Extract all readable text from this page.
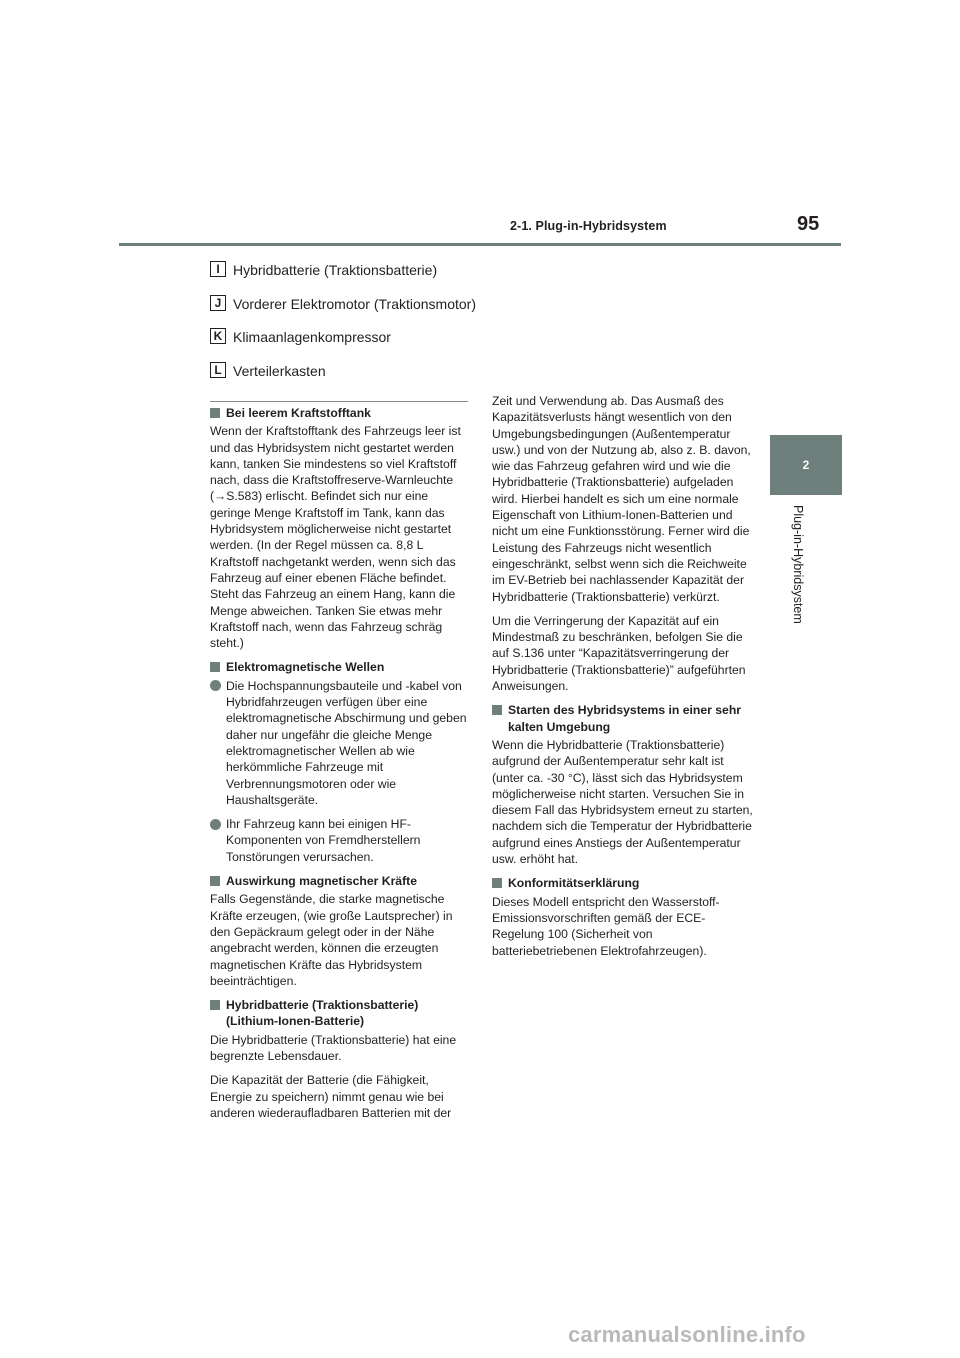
2-1. Plug-in-Hybridsystem	95
2
Plug-in-Hybridsystem
I Hybridbatterie (Traktionsbatterie)
J Vorderer Elektromotor (Traktionsmotor)
K Klimaanlagenkompressor
L Verteilerkasten
Bei leerem Kraftstofftank

Wenn der Kraftstofftank des Fahrzeugs leer ist und das Hybridsystem nicht gestartet werden kann, tanken Sie mindestens so viel Kraftstoff nach, dass die Kraftstoffreserve-Warnleuchte (→S.583) erlischt. Befindet sich nur eine geringe Menge Kraftstoff im Tank, kann das Hybridsystem möglicherweise nicht gestartet werden. (In der Regel müssen ca. 8,8 L Kraftstoff nachgetankt werden, wenn sich das Fahrzeug auf einer ebenen Fläche befindet. Steht das Fahrzeug an einem Hang, kann die Menge abweichen. Tanken Sie etwas mehr Kraftstoff nach, wenn das Fahrzeug schräg steht.)

Elektromagnetische Wellen
Die Hochspannungsbauteile und -kabel von Hybridfahrzeugen verfügen über eine elektromagnetische Abschirmung und geben daher nur ungefähr die gleiche Menge elektromagnetischer Wellen ab wie herkömmliche Fahrzeuge mit Verbrennungsmotoren oder wie Haushaltsgeräte.
Ihr Fahrzeug kann bei einigen HF-Komponenten von Fremdherstellern Tonstörungen verursachen.
Auswirkung magnetischer Kräfte

Falls Gegenstände, die starke magnetische Kräfte erzeugen, (wie große Lautsprecher) in den Gepäckraum gelegt oder in der Nähe angebracht werden, können die erzeugten magnetischen Kräfte das Hybridsystem beeinträchtigen.

Hybridbatterie (Traktionsbatterie) (Lithium-Ionen-Batterie)

Die Hybridbatterie (Traktionsbatterie) hat eine begrenzte Lebensdauer.

Die Kapazität der Batterie (die Fähigkeit, Energie zu speichern) nimmt genau wie bei anderen wiederaufladbaren Batterien mit der

Zeit und Verwendung ab. Das Ausmaß des Kapazitätsverlusts hängt wesentlich von den Umgebungsbedingungen (Außentemperatur usw.) und von der Nutzung ab, also z. B. davon, wie das Fahrzeug gefahren wird und wie die Hybridbatterie (Traktionsbatterie) aufgeladen wird. Hierbei handelt es sich um eine normale Eigenschaft von Lithium-Ionen-Batterien und nicht um eine Funktionsstörung. Ferner wird die Leistung des Fahrzeugs nicht wesentlich eingeschränkt, selbst wenn sich die Reichweite im EV-Betrieb bei nachlassender Kapazität der Hybridbatterie (Traktionsbatterie) verkürzt.

Um die Verringerung der Kapazität auf ein Mindestmaß zu beschränken, befolgen Sie die auf S.136 unter “Kapazitätsverringerung der Hybridbatterie (Traktionsbatterie)” aufgeführten Anweisungen.

Starten des Hybridsystems in einer sehr kalten Umgebung

Wenn die Hybridbatterie (Traktionsbatterie) aufgrund der Außentemperatur sehr kalt ist (unter ca. -30 °C), lässt sich das Hybridsystem möglicherweise nicht starten. Versuchen Sie in diesem Fall das Hybridsystem erneut zu starten, nachdem sich die Temperatur der Hybridbatterie aufgrund eines Anstiegs der Außentemperatur usw. erhöht hat.

Konformitätserklärung

Dieses Modell entspricht den Wasserstoff-Emissionsvorschriften gemäß der ECE-Regelung 100 (Sicherheit von batteriebetriebenen Elektrofahrzeugen).

carmanualsonline.info
